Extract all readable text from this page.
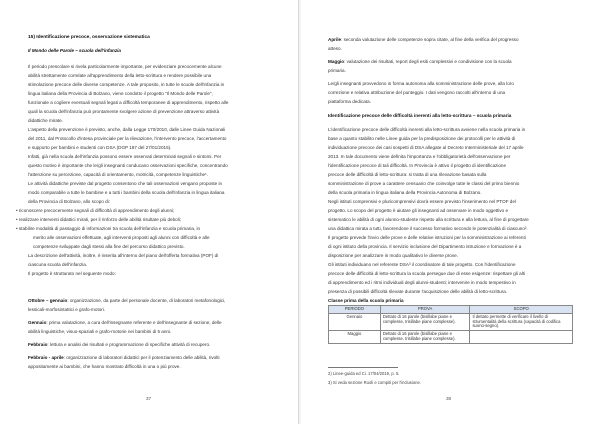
15) Identificazione precoce, osservazione sistematica
Il Mondo delle Parole – scuola dell'infanzia
Il periodo prescolare si rivela particolarmente importante, per evidenziare precocemente alcune
abilità strettamente correlate all'apprendimento della letto-scrittura e rendere possibile una
stimolazione precoce delle diverse competenze. A tale proposito, in tutte le scuole dell'infanzia in
lingua italiana della Provincia di Bolzano, viene condotto il progetto "Il Mondo delle Parole",
funzionale a cogliere eventuali segnali legati a difficoltà temporanee di apprendimento, rispetto alle
quali la scuola dell'infanzia può prontamente svolgere azione di prevenzione attraverso attività
didattiche mirate.
L'aspetto della prevenzione è previsto, anche, dalla Legge 170/2010, dalle Linee Guida Nazionali
del 2011, dal Protocollo d'intesa provinciale per la rilevazione, l'intervento precoce, l'accertamento
e supporto per bambini e studenti con DSA (DGP 187 del 27/01/2015).
Infatti, già nella scuola dell'infanzia possono essere osservati determinati segnali e sintomi. Per
questo motivo è importante che le/gli insegnanti conducano osservazioni specifiche, concentrando
l'attenzione su percezione, capacità di orientamento, motricità, competenze linguistiche¹.
Le attività didattiche previste dal progetto consentono che tali osservazioni vengano proposte in
modo comparabile a tutte le bambine e a tutti i bambini della scuola dell'infanzia in lingua italiana
della Provincia di Bolzano, allo scopo di:
• riconoscere precocemente segnali di difficoltà di apprendimento degli alunni;
• realizzare interventi didattici mirati, per il rinforzo delle abilità risultate più deboli;
• stabilire modalità di passaggio di informazioni tra scuola dell'infanzia e scuola primaria, in
merito alle osservazioni effettuate, agli interventi proposti agli alunni con difficoltà e alle
competenze sviluppate dagli stessi alla fine del percorso didattico previsto.
La descrizione dell'attività, inoltre, è inserita all'interno del piano dell'offerta formativa (POF) di
ciascuna scuola dell'infanzia.
Il progetto è strutturato nel seguente modo:
Ottobre – gennaio: organizzazione, da parte del personale docente, di laboratori metafonologici,
lessicali-morfosintattici e grafo-motori.
Gennaio: prima valutazione, a cura dell'insegnante referente e dell'insegnante di sezione, delle
abilità linguistiche, visuo-spaziali e grafo-motorie nei bambini di 5 anni.
Febbraio: lettura e analisi dei risultati e programmazione di specifiche attività di recupero.
Febbraio - aprile: organizzazione di laboratori didattici per il potenziamento delle abilità, rivolti
appositamente ai bambini, che hanno mostrato difficoltà in una o più prove.
37
Aprile: seconda valutazione delle competenze sopra citate, al fine della verifica del progresso
atteso.
Maggio: valutazione dei risultati, report degli esiti complessivi e condivisione con la scuola
primaria.
Le/gli insegnanti provvedono in forma autonoma alla somministrazione delle prove, alla loro
correzione e relativa attribuzione del punteggio. I dati vengono raccolti all'interno di una
piattaforma dedicata.
Identificazione precoce delle difficoltà inerenti alla letto-scrittura – scuola primaria
L'identificazione precoce delle difficoltà inerenti alla letto-scrittura avviene nella scuola primaria in
base a quanto stabilito nelle Linee guida per la predisposizione dei protocolli per le attività di
individuazione precoce dei casi sospetti di DSA allegate al Decreto Interministeriale del 17 aprile
2013. In tale documento viene definita l'importanza e l'obbligatorietà dell'osservazione per
l'identificazione precoce di tali difficoltà. In Provincia è attivo il progetto di identificazione
precoce delle difficoltà di letto-scrittura: si tratta di una rilevazione basata sulla
somministrazione di prove a carattere censuario che coinvolge tutte le classi del primo biennio
della scuola primaria in lingua italiana della Provincia Autonoma di Bolzano.
Negli istituti comprensivi e pluricomprensivi dovrà essere previsto l'inserimento nel PTOF del
progetto. Lo scopo del progetto è aiutare gli insegnanti ad osservare in modo oggettivo e
sistematico le abilità di ogni alunno-studente rispetto alla scrittura e alla lettura, al fine di progettare
una didattica mirata a tutti, favorendone il successo formativo secondo le potenzialità di ciascuno².
Il progetto prevede l'invio delle prove e delle relative istruzioni per la somministrazione ai referenti
di ogni istituto della provincia. Il servizio inclusione del Dipartimento istruzione e formazione è a
disposizione per analizzare in modo qualitativo le diverse prove.
Gli istituti individuano nel referente DSA³ il coordinatore di tale progetto. Con l'identificazione
precoce delle difficoltà di letto-scrittura la scuola persegue due di esse esigenze: rispettare gli alti
di apprendimento ed i ritmi individuali degli alunni-studenti; intervenire in modo tempestivo in
presenza di possibili difficoltà rilevate durante l'acquisizione delle abilità di letto-scrittura.
Classe prima della scuola primaria
PERIODO	PROVA	SCOPO
Gennaio	Dettato di 16 parole (bisillabe piane e complesse, trisillabe piane complesse).	Il dettato permette di verificare il livello di strumentalità della scrittura (capacità di codifica suono-segno).
Maggio	Dettato di 16 parole (bisillabe piane e complesse, trisillabe piane complesse).	
2) Linee-guida ed Ci. 17/04/2019, p. 5.
3) Si veda sezione Ruoli e compiti per l'inclusione.
38
